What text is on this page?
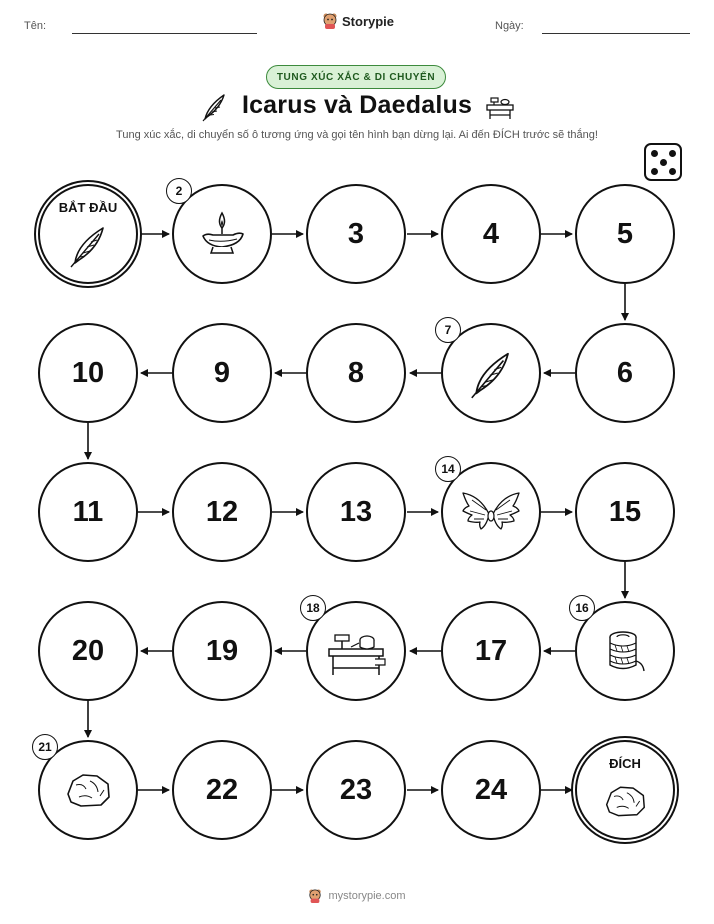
Tên:	Storypie	Ngày:
TUNG XÚC XẮC & DI CHUYỂN
Icarus và Daedalus
Tung xúc xắc, di chuyển số ô tương ứng và gọi tên hình bạn dừng lại. Ai đến ĐÍCH trước sẽ thắng!
BẮT ĐẦU
2
3	4	5
6
7
8
9
10
11	12	13
14
15
16
17
18
19
20
21
22	23	24
ĐÍCH
mystorypie.com
